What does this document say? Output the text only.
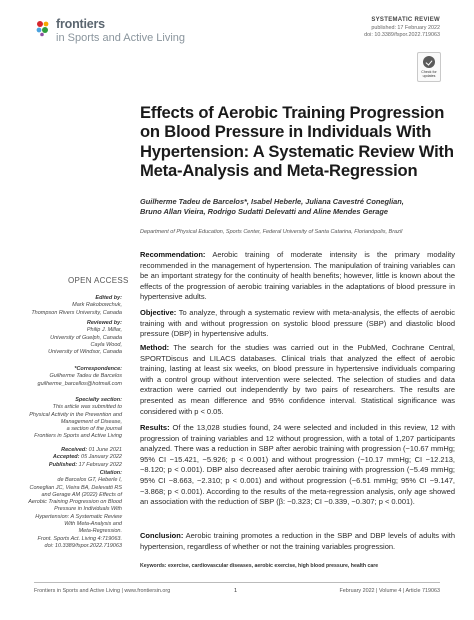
frontiers
in Sports and Active Living
SYSTEMATIC REVIEW
published: 17 February 2022
doi: 10.3389/fspor.2022.719063
Check for updates
Effects of Aerobic Training Progression on Blood Pressure in Individuals With Hypertension: A Systematic Review With Meta-Analysis and Meta-Regression
Guilherme Tadeu de Barcelos*, Isabel Heberle, Juliana Cavestré Coneglian,
Bruno Allan Vieira, Rodrigo Sudatti Delevatti and Aline Mendes Gerage
Department of Physical Education, Sports Center, Federal University of Santa Catarina, Florianópolis, Brazil
Recommendation: Aerobic training of moderate intensity is the primary modality recommended in the management of hypertension. The manipulation of training variables can be an important strategy for the continuity of health benefits; however, little is known about the effects of the progression of aerobic training variables in the adaptations of blood pressure in hypertensive adults.
Objective: To analyze, through a systematic review with meta-analysis, the effects of aerobic training with and without progression on systolic blood pressure (SBP) and diastolic blood pressure (DBP) in hypertensive adults.
Method: The search for the studies was carried out in the PubMed, Cochrane Central, SPORTDiscus and LILACS databases. Clinical trials that analyzed the effect of aerobic training, lasting at least six weeks, on blood pressure in hypertensive individuals comparing with a control group without intervention were selected. The selection of studies and data extraction were carried out independently by two pairs of researchers. The results are presented as mean difference and 95% confidence interval. Statistical significance was considered with p < 0.05.
Results: Of the 13,028 studies found, 24 were selected and included in this review, 12 with progression of training variables and 12 without progression, with a total of 1,207 participants analyzed. There was a reduction in SBP after aerobic training with progression (−10.67 mmHg; 95% CI −15.421, −5.926; p < 0.001) and without progression (−10.17 mmHg; CI −12.213, −8.120; p < 0.001). DBP also decreased after aerobic training with progression (−5.49 mmHg; 95% CI −8.663, −2.310; p < 0.001) and without progression (−6.51 mmHg; 95% CI −9.147, −3.868; p < 0.001). According to the results of the meta-regression analysis, only age showed an association with the reduction of SBP (β: −0.323; CI −0.339, −0.307; p < 0.001).
Conclusion: Aerobic training promotes a reduction in the SBP and DBP levels of adults with hypertension, regardless of whether or not the training variables progression.
Keywords: exercise, cardiovascular diseases, aerobic exercise, high blood pressure, health care
OPEN ACCESS
Edited by:
Mark Rakobowchuk,
Thompson Rivers University, Canada
Reviewed by:
Philip J. Millar,
University of Guelph, Canada
Cayla Wood,
University of Windsor, Canada
*Correspondence:
Guilherme Tadeu de Barcelos
guilherme_barcellos@hotmail.com
Specialty section:
This article was submitted to
Physical Activity in the Prevention and
Management of Disease,
a section of the journal
Frontiers in Sports and Active Living
Received: 01 June 2021
Accepted: 05 January 2022
Published: 17 February 2022
Citation:
de Barcelos GT, Heberle I,
Coneglian JC, Vieira BA, Delevatti RS
and Gerage AM (2022) Effects of
Aerobic Training Progression on Blood
Pressure in Individuals With
Hypertension: A Systematic Review
With Meta-Analysis and
Meta-Regression.
Front. Sports Act. Living 4:719063.
doi: 10.3389/fspor.2022.719063
Frontiers in Sports and Active Living | www.frontiersin.org	1	February 2022 | Volume 4 | Article 719063
